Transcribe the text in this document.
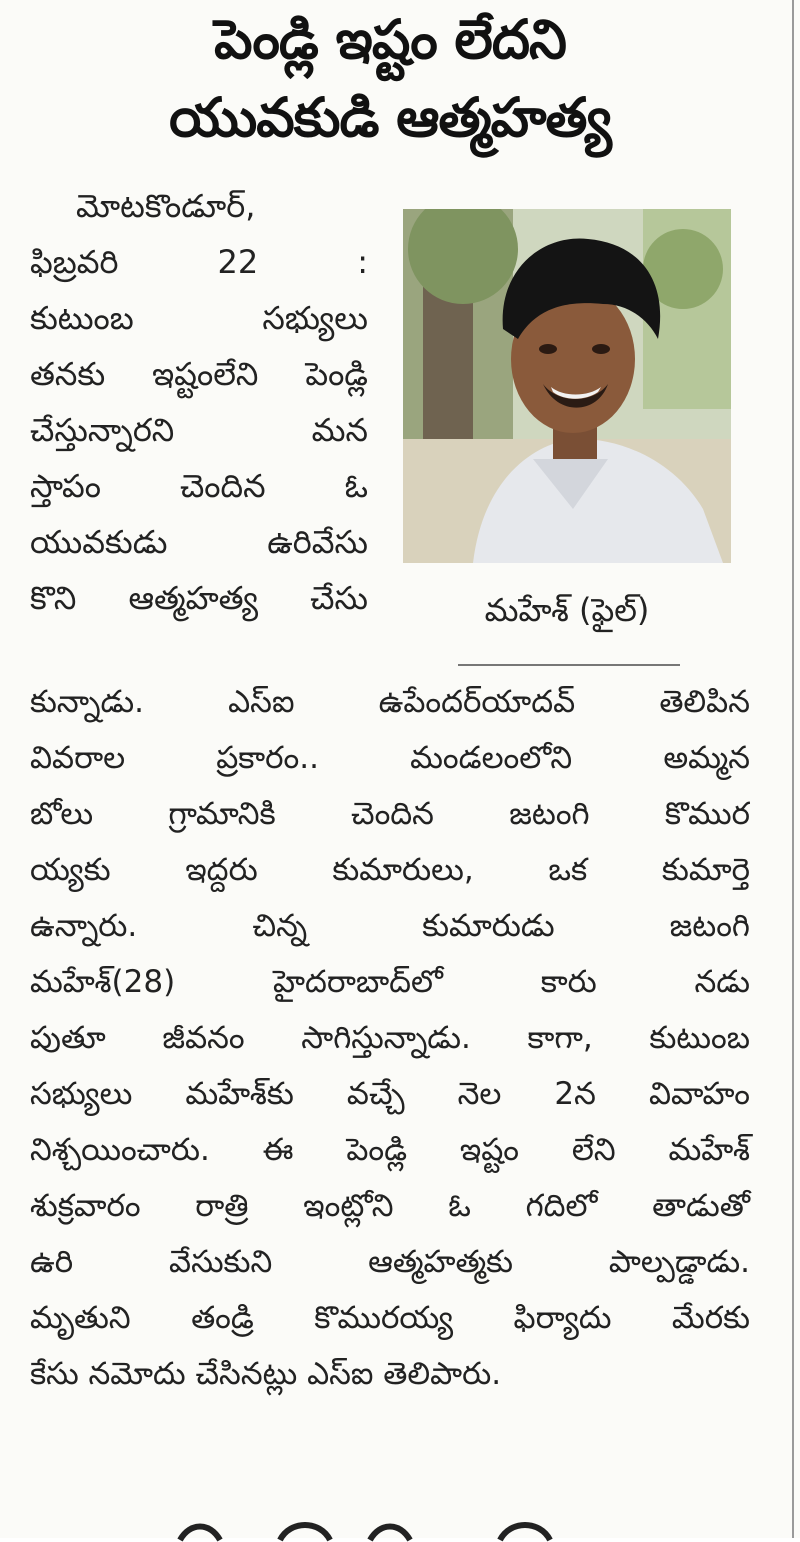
పెండ్లి ఇష్టం లేదని
యువకుడి ఆత్మహత్య
మోటకొండూర్,
ఫిబ్రవరి	22	:
కుటుంబ	సభ్యులు
తనకు ఇష్టంలేని పెండ్లి
చేస్తున్నారని	మన
స్తాపం చెందిన ఓ
యువకుడు	ఉరివేసు
కొని ఆత్మహత్య చేసు	మహేశ్ (ఫైల్)
కున్నాడు.	ఎస్ఐ	ఉపేందర్‌యాదవ్	తెలిపిన
వివరాల	ప్రకారం..	మండలంలోని	అమ్మన
బోలు గ్రామానికి చెందిన జటంగి కొముర
య్యకు ఇద్దరు కుమారులు, ఒక కుమార్తె
ఉన్నారు.	చిన్న	కుమారుడు	జటంగి
మహేశ్(28)	హైదరాబాద్‌లో	కారు	నడు
పుతూ జీవనం సాగిస్తున్నాడు. కాగా, కుటుంబ
సభ్యులు మహేశ్‌కు వచ్చే నెల 2న వివాహం
నిశ్చయించారు. ఈ పెండ్లి ఇష్టం లేని మహేశ్
శుక్రవారం రాత్రి ఇంట్లోని ఓ గదిలో తాడుతో
ఉరి	వేసుకుని	ఆత్మహత్మకు	పాల్పడ్డాడు.
మృతుని తండ్రి కొమురయ్య ఫిర్యాదు మేరకు
కేసు నమోదు చేసినట్లు ఎస్ఐ తెలిపారు.
